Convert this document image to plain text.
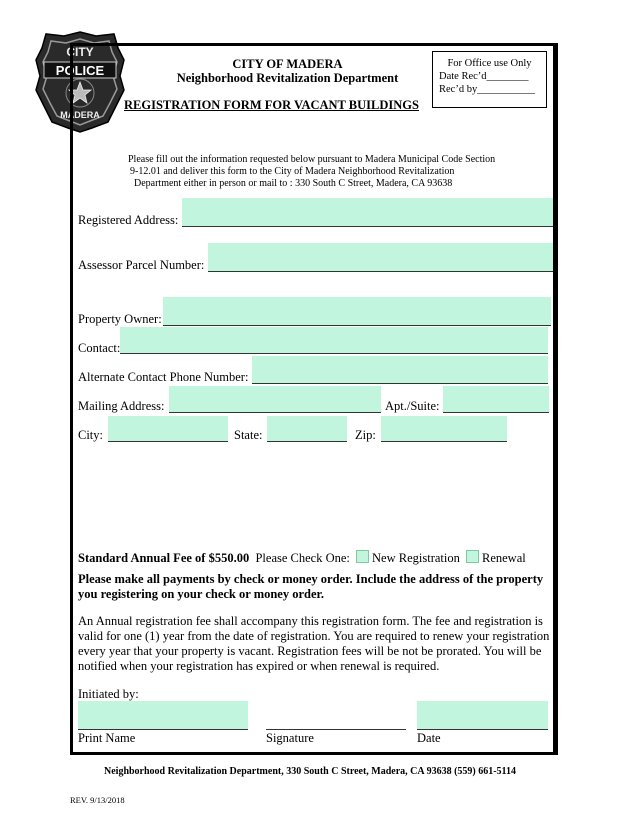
CITY
POLICE
MADERA
CITY OF MADERA
Neighborhood Revitalization Department
REGISTRATION FORM FOR VACANT BUILDINGS
For Office use Only
Date Rec’d________
Rec’d by___________
Please fill out the information requested below pursuant to Madera Municipal Code Section
9-12.01 and deliver this form to the City of Madera Neighborhood Revitalization
Department either in person or mail to : 330 South C Street, Madera, CA 93638
Registered Address:
Assessor Parcel Number:
Property Owner:
Contact:
Alternate Contact Phone Number:
Mailing Address:	Apt./Suite:
City:	State:	Zip:
Standard Annual Fee of $550.00 Please Check One: New Registration Renewal
Please make all payments by check or money order. Include the address of the property you registering on your check or money order.
An Annual registration fee shall accompany this registration form. The fee and registration is valid for one (1) year from the date of registration. You are required to renew your registration every year that your property is vacant. Registration fees will be not be prorated. You will be notified when your registration has expired or when renewal is required.
Initiated by:
Print Name	Signature	Date
Neighborhood Revitalization Department, 330 South C Street, Madera, CA 93638 (559) 661-5114
REV. 9/13/2018
